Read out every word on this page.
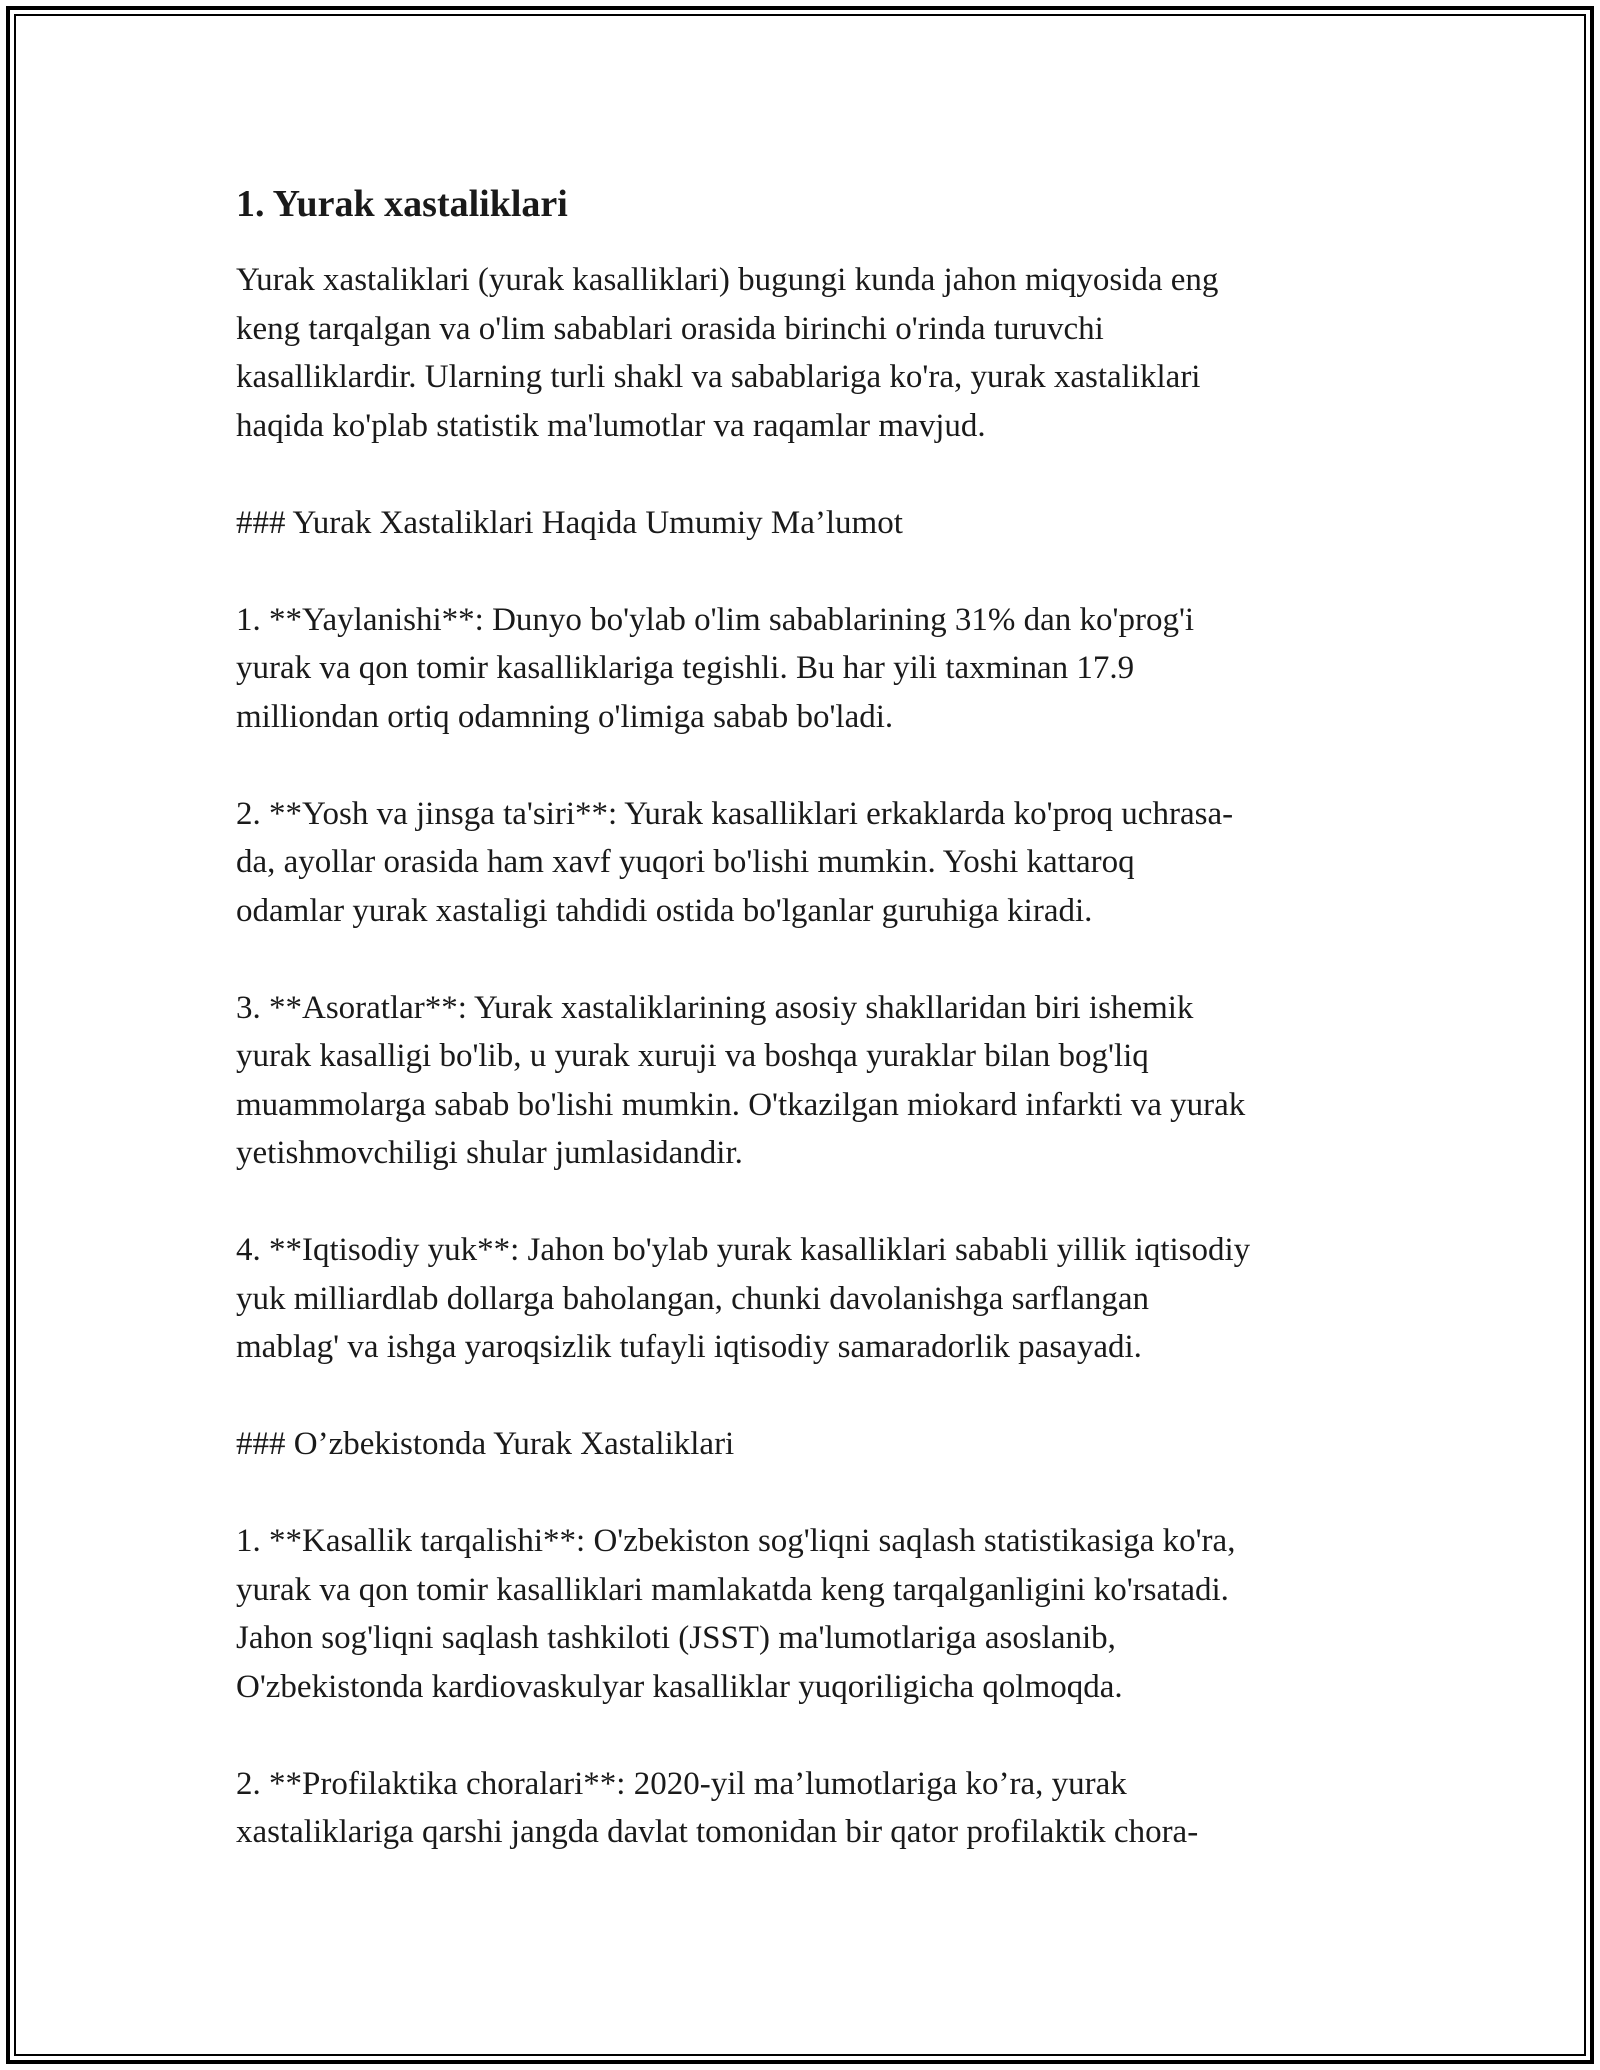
1. Yurak xastaliklari
Yurak xastaliklari (yurak kasalliklari) bugungi kunda jahon miqyosida eng
keng tarqalgan va o'lim sabablari orasida birinchi o'rinda turuvchi
kasalliklardir. Ularning turli shakl va sabablariga ko'ra, yurak xastaliklari
haqida ko'plab statistik ma'lumotlar va raqamlar mavjud.
### Yurak Xastaliklari Haqida Umumiy Ma’lumot
1. **Yaylanishi**: Dunyo bo'ylab o'lim sabablarining 31% dan ko'prog'i
yurak va qon tomir kasalliklariga tegishli. Bu har yili taxminan 17.9
milliondan ortiq odamning o'limiga sabab bo'ladi.
2. **Yosh va jinsga ta'siri**: Yurak kasalliklari erkaklarda ko'proq uchrasa-
da, ayollar orasida ham xavf yuqori bo'lishi mumkin. Yoshi kattaroq
odamlar yurak xastaligi tahdidi ostida bo'lganlar guruhiga kiradi.
3. **Asoratlar**: Yurak xastaliklarining asosiy shakllaridan biri ishemik
yurak kasalligi bo'lib, u yurak xuruji va boshqa yuraklar bilan bog'liq
muammolarga sabab bo'lishi mumkin. O'tkazilgan miokard infarkti va yurak
yetishmovchiligi shular jumlasidandir.
4. **Iqtisodiy yuk**: Jahon bo'ylab yurak kasalliklari sababli yillik iqtisodiy
yuk milliardlab dollarga baholangan, chunki davolanishga sarflangan
mablag' va ishga yaroqsizlik tufayli iqtisodiy samaradorlik pasayadi.
### O’zbekistonda Yurak Xastaliklari
1. **Kasallik tarqalishi**: O'zbekiston sog'liqni saqlash statistikasiga ko'ra,
yurak va qon tomir kasalliklari mamlakatda keng tarqalganligini ko'rsatadi.
Jahon sog'liqni saqlash tashkiloti (JSST) ma'lumotlariga asoslanib,
O'zbekistonda kardiovaskulyar kasalliklar yuqoriligicha qolmoqda.
2. **Profilaktika choralari**: 2020-yil ma’lumotlariga ko’ra, yurak
xastaliklariga qarshi jangda davlat tomonidan bir qator profilaktik chora-
